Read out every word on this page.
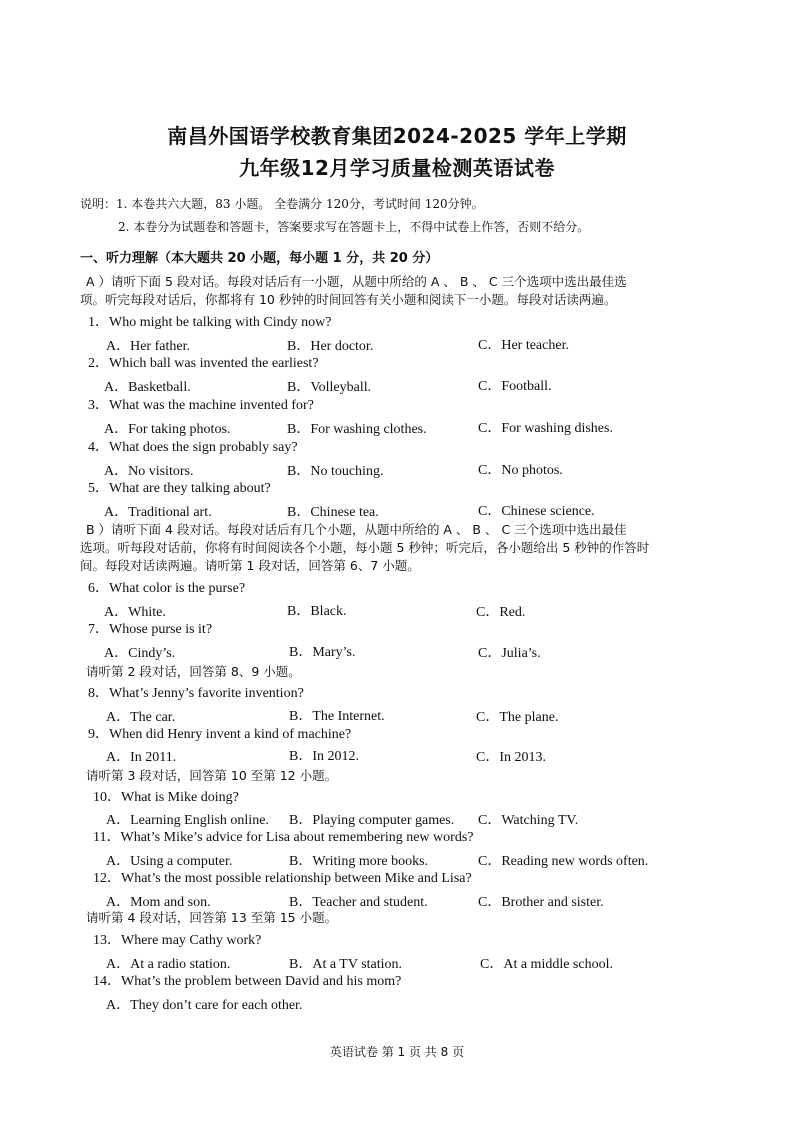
南昌外国语学校教育集团2024-2025 学年上学期
九年级12月学习质量检测英语试卷
说明：1. 本卷共六大题，83 小题。 全卷满分 120分，考试时间 120分钟。
2. 本卷分为试题卷和答题卡，答案要求写在答题卡上，不得中试卷上作答，否则不给分。
一、听力理解（本大题共 20 小题，每小题 1 分，共 20 分）
A ）请听下面 5 段对话。每段对话后有一小题，从题中所给的 A 、 B 、 C 三个选项中选出最佳选
项。听完每段对话后，你都将有 10 秒钟的时间回答有关小题和阅读下一小题。每段对话读两遍。
1．Who might be talking with Cindy now?
A．Her father.	B．Her doctor.	C．Her teacher.
2．Which ball was invented the earliest?
A．Basketball.	B．Volleyball.	C．Football.
3．What was the machine invented for?
A．For taking photos.	B．For washing clothes.	C．For washing dishes.
4．What does the sign probably say?
A．No visitors.	B．No touching.	C．No photos.
5．What are they talking about?
A．Traditional art.	B．Chinese tea.	C．Chinese science.
B ）请听下面 4 段对话。每段对话后有几个小题，从题中所给的 A 、 B 、 C 三个选项中选出最佳
选项。听每段对话前，你将有时间阅读各个小题，每小题 5 秒钟；听完后，各小题给出 5 秒钟的作答时
间。每段对话读两遍。请听第 1 段对话，回答第 6、7 小题。
6．What color is the purse?
A．White.	B．Black.	C．Red.
7．Whose purse is it?
A．Cindy’s.	B．Mary’s.	C．Julia’s.
请听第 2 段对话，回答第 8、9 小题。
8．What’s Jenny’s favorite invention?
A．The car.	B．The Internet.	C．The plane.
9．When did Henry invent a kind of machine?
A．In 2011.	B．In 2012.	C．In 2013.
请听第 3 段对话，回答第 10 至第 12 小题。
10．What is Mike doing?
A．Learning English online. B．Playing computer games. C．Watching TV.
11．What’s Mike’s advice for Lisa about remembering new words?
A．Using a computer.	B．Writing more books.	C．Reading new words often.
12．What’s the most possible relationship between Mike and Lisa?
A．Mom and son.	B．Teacher and student.	C．Brother and sister.
请听第 4 段对话，回答第 13 至第 15 小题。
13．Where may Cathy work?
A．At a radio station.	B．At a TV station.	C．At a middle school.
14．What’s the problem between David and his mom?
A．They don’t care for each other.
英语试卷 第 1 页 共 8 页
